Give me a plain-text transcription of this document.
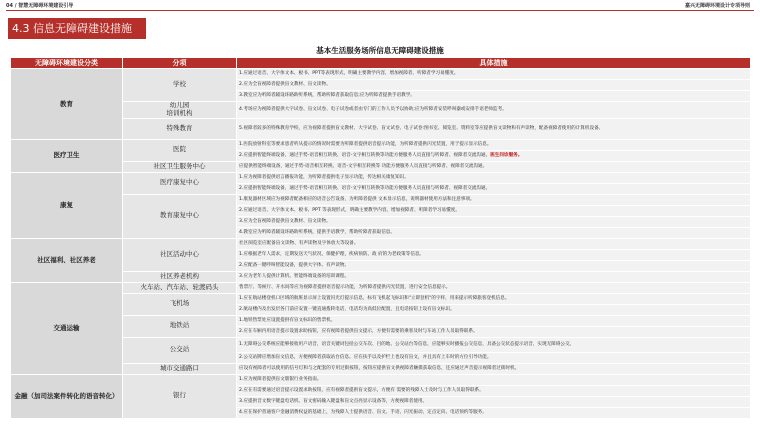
04 / 智慧无障碍环境建设引导	嘉兴无障碍环境设计专项导则
4.3 信息无障碍建设措施
基本生活服务场所信息无障碍建设措施
无障碍环境建设分类	分项	具体措施
教育	学校	1.应通过语音、大字体文本、板书、PPT等表现形式，明确主要教学内容，增加视障者、听障者学习易懂度。
		2.应为全盲视障者提供盲文教材、盲文读物。
		3.教室应为听障者辅设环路助听系统，帮助听障者获取信息;应为听障者提供手语教学。
	幼儿园
培训机构	4.考场应为视障者提供大字试卷、盲文试卷、电子试卷或者由专门的工作人员予以协助;应为听障者安装呼叫器或安排手语老师监考。
	特殊教育	5.视障者较多的特殊教育学校，应为视障者提供盲文教材、大字试卷、盲文试卷、电子试卷:图书室、阅览室、资料室等应提供盲文读物和有声读物，配备视障者使用的计算机设备。

医疗卫生	医院	1.医院放射科室等要求患者听从提示的情况时需要为听障者提供语音提示功能，为听障者提供闪光装置，用于提示显示信息。
		2.应提供智能终端设备，通过手势-语音相互转换、语音-文字相互转换等功能方便服务人员直接与听障者、视障者交流沟通。医生问诊服务。
	社区卫生服务中心	应提供智能终端设备，通过手势-语音相互转换、语音-文字相互转换等 功能方便服务人员直接与听障者、视障者交流沟通。
康复	医疗康复中心	1.应为视障者提供语言播报功能，为听障者提供电子显示功能，传达相关康复知识。
		2.应提供智能终端设备，通过手势-语音相互转换、语音-文字相互转换等功能方便服务人员直接与听障者、视障者交流沟通。
	教育康复中心	1.康复器材区域应为视障者配备相应的语音公告设备，为听障者提供 文本显示信息，说明器材使用方法和注意事项。
		2.应通过语音、大字体文本、板书、PPT 等表现形式，明确主要教学内容，增加视障者、听障者学习易懂度。
		3.应为全盲视障者提供盲文教材、盲文读物。
		4.教室应为听障者辅设环路助听系统，提供手语教学，帮助听障者获取信息。
社区福利、社区养老	社区活动中心	社区阅览室应配备盲文读物、有声读物及字体放大等设备。
		1.应根据老年人需求，定期发送天气状况，保健护理，疾病预防、政 府的为老政策等信息。
		2.应配备一键呼叫智能设备，提供大字体、有声读物。
	社区养老机构	3.应为老年人提供计算机、智能终端设备的培训课程。
交通运输	火车站、汽车站、轮渡码头	售票厅、等候厅、开水间等应为视障者提供语音提示功能，为听障者提供闪光装置，进行安全信息提示。
	飞机场	1.应在航站楼登机口区域的航班显示屏上设置闪光灯提示信息，标有飞机起飞标识和"立即登机"的字样，用来提示听障旅客登机信息。
		2.航站楼内及出发层各门前应安置一键直通拨转电话，电话均为高低位配置，且电话按钮上设有盲文标识。
	地铁站	1.地铁售票处应设置提供有盲文标识的售票机。
		2.应在车厢内用语音提示设置求助按钮，应有视障者提供盲文提示，方便有需要的乘客及时与车站工作人员取得联系。
	公交站	1.无障碍公交系统应能够接收用户语音，语音关键词包括公交车次、目的地、公交站台等信息，应能够实时播报公交信息，具备公交状态提示语音，实现无障碍公交。
		2.公交站牌应增加盲文信息，方便视障者获取站台信息。应在扶手以及护栏上也设有盲文，并且具有上车时的方位引导功能。
	城市交通路口	应设有视障者可以使用的信号灯和与之配套的专用过街按钮，按钮应提供盲文供视障者触摸获取信息，还应通过声音提示视障者过街时机。
金融（加司法案件转化的语音转化）	银行	1.应为视障者提供盲文版银行业务指南。
		2.应在有需要通过语音提示设置求助按钮，应有视障者提供盲文提示，方便有 需要的残障人士及时与工作人员取得联系。
		3.应提供音文数字键盘电话机、盲文密码输入键盘和盲文点亮显示设备等，方便视障者使用。
		4.应在保护普通客户金融消费权益的基础上，为残障人士提供语音、盲文、手语、闪光振动、定点定向、电话预约等服务。
